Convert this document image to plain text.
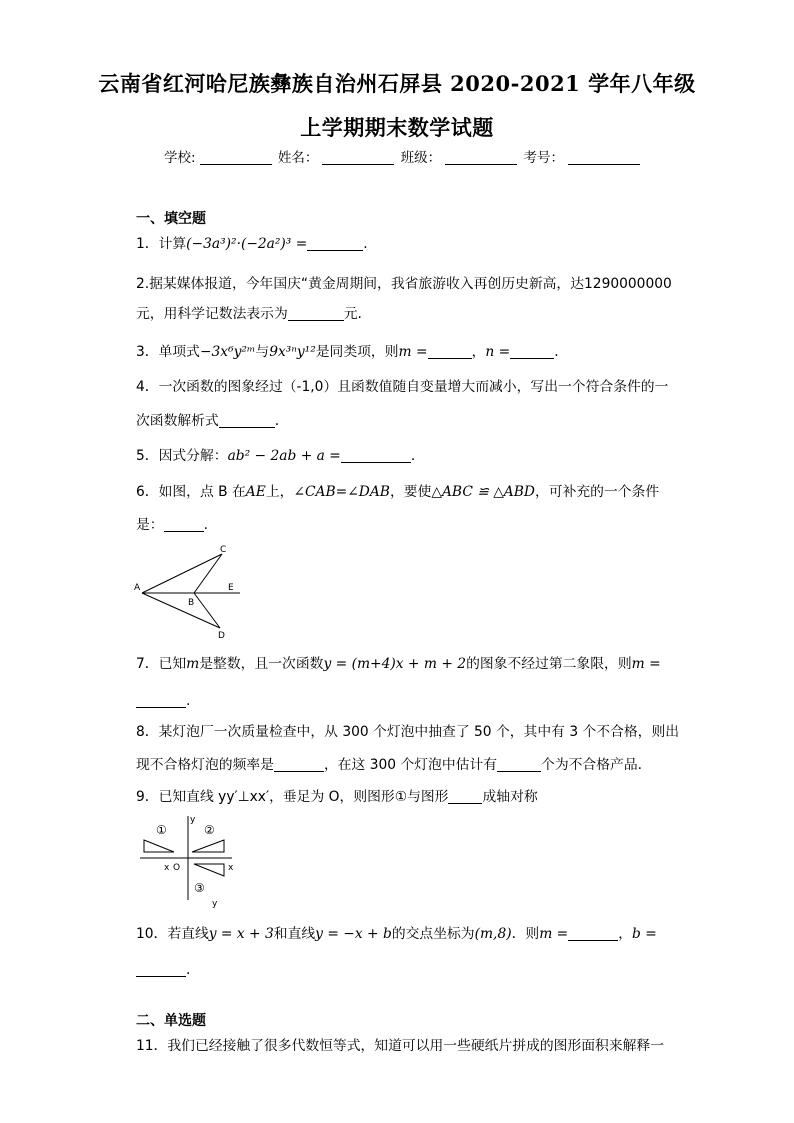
云南省红河哈尼族彝族自治州石屏县 2020-2021 学年八年级
上学期期末数学试题
学校:	姓名：	班级：	考号：
一、填空题
1．计算(−3a³)²·(−2a²)³ =	.
2.据某媒体报道，今年国庆“黄金周期间，我省旅游收入再创历史新高，达1290000000
元，用科学记数法表示为	元.
3．单项式−3x⁶y²ᵐ与9x³ⁿy¹²是同类项，则m =	，n =	.
4．一次函数的图象经过（-1,0）且函数值随自变量增大而减小，写出一个符合条件的一
次函数解析式	.
5．因式分解：ab² − 2ab + a =	.
6．如图，点 B 在AE上，∠CAB=∠DAB，要使△ABC ≌ △ABD，可补充的一个条件
是：	.
A
B
C
D
E
7．已知m是整数，且一次函数y = (m+4)x + m + 2的图象不经过第二象限，则m =
.
8．某灯泡厂一次质量检查中，从 300 个灯泡中抽查了 50 个，其中有 3 个不合格，则出
现不合格灯泡的频率是	，在这 300 个灯泡中估计有	个为不合格产品.
9．已知直线 yy′⊥xx′，垂足为 O，则图形①与图形 成轴对称
y
y
x
x O
①	②
③
10．若直线y = x + 3和直线y = −x + b的交点坐标为(m,8)．则m =	，b =
.
二、单选题
11．我们已经接触了很多代数恒等式，知道可以用一些硬纸片拼成的图形面积来解释一
